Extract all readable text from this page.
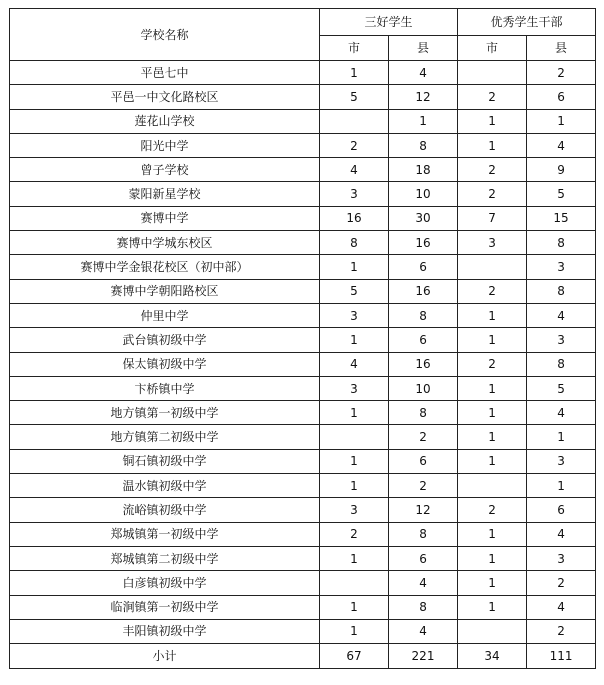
学校名称	三好学生		优秀学生干部	
	市	县	市	县
平邑七中	1	4		2
平邑一中文化路校区	5	12	2	6
莲花山学校		1	1	1
阳光中学	2	8	1	4
曾子学校	4	18	2	9
蒙阳新星学校	3	10	2	5
赛博中学	16	30	7	15
赛博中学城东校区	8	16	3	8
赛博中学金银花校区（初中部）	1	6		3
赛博中学朝阳路校区	5	16	2	8
仲里中学	3	8	1	4
武台镇初级中学	1	6	1	3
保太镇初级中学	4	16	2	8
卞桥镇中学	3	10	1	5
地方镇第一初级中学	1	8	1	4
地方镇第二初级中学		2	1	1
铜石镇初级中学	1	6	1	3
温水镇初级中学	1	2		1
流峪镇初级中学	3	12	2	6
郑城镇第一初级中学	2	8	1	4
郑城镇第二初级中学	1	6	1	3
白彦镇初级中学		4	1	2
临涧镇第一初级中学	1	8	1	4
丰阳镇初级中学	1	4		2
小计	67	221	34	111
